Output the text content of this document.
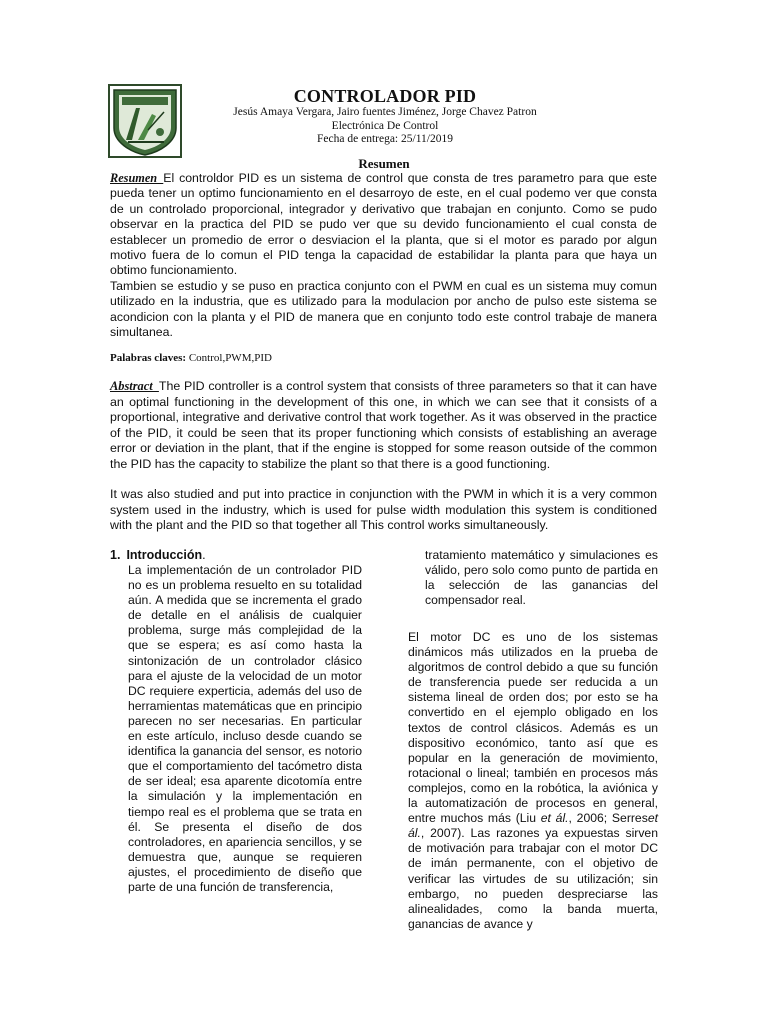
CONTROLADOR PID
Jesús Amaya Vergara, Jairo fuentes Jiménez, Jorge Chavez Patron
Electrónica De Control
Fecha de entrega: 25/11/2019
Resumen

Resumen_El controldor PID es un sistema de control que consta de tres parametro para que este pueda tener un optimo funcionamiento en el desarroyo de este, en el cual podemo ver que consta de un controlado proporcional, integrador y derivativo que trabajan en conjunto. Como se pudo observar en la practica del PID se pudo ver que su devido funcionamiento el cual consta de establecer un promedio de error o desviacion el la planta, que si el motor es parado por algun motivo fuera de lo comun el PID tenga la capacidad de estabilidar la planta para que haya un obtimo funcionamiento.

Tambien se estudio y se puso en practica conjunto con el PWM en cual es un sistema muy comun utilizado en la industria, que es utilizado para la modulacion por ancho de pulso este sistema se acondicion con la planta y el PID de manera que en conjunto todo este control trabaje de manera simultanea.

Palabras claves: Control,PWM,PID

Abstract_The PID controller is a control system that consists of three parameters so that it can have an optimal functioning in the development of this one, in which we can see that it consists of a proportional, integrative and derivative control that work together. As it was observed in the practice of the PID, it could be seen that its proper functioning which consists of establishing an average error or deviation in the plant, that if the engine is stopped for some reason outside of the common the PID has the capacity to stabilize the plant so that there is a good functioning.

It was also studied and put into practice in conjunction with the PWM in which it is a very common system used in the industry, which is used for pulse width modulation this system is conditioned with the plant and the PID so that together all This control works simultaneously.

1. Introducción.

La implementación de un controlador PID no es un problema resuelto en su totalidad aún. A medida que se incrementa el grado de detalle en el análisis de cualquier problema, surge más complejidad de la que se espera; es así como hasta la sintonización de un controlador clásico para el ajuste de la velocidad de un motor DC requiere experticia, además del uso de herramientas matemáticas que en principio parecen no ser necesarias. En particular en este artículo, incluso desde cuando se identifica la ganancia del sensor, es notorio que el comportamiento del tacómetro dista de ser ideal; esa aparente dicotomía entre la simulación y la implementación en tiempo real es el problema que se trata en él. Se presenta el diseño de dos controladores, en apariencia sencillos, y se demuestra que, aunque se requieren ajustes, el procedimiento de diseño que parte de una función de transferencia,

tratamiento matemático y simulaciones es válido, pero solo como punto de partida en la selección de las ganancias del compensador real.

El motor DC es uno de los sistemas dinámicos más utilizados en la prueba de algoritmos de control debido a que su función de transferencia puede ser reducida a un sistema lineal de orden dos; por esto se ha convertido en el ejemplo obligado en los textos de control clásicos. Además es un dispositivo económico, tanto así que es popular en la generación de movimiento, rotacional o lineal; también en procesos más complejos, como en la robótica, la aviónica y la automatización de procesos en general, entre muchos más (Liu et ál., 2006; Serreset ál., 2007). Las razones ya expuestas sirven de motivación para trabajar con el motor DC de imán permanente, con el objetivo de verificar las virtudes de su utilización; sin embargo, no pueden despreciarse las alinealidades, como la banda muerta, ganancias de avance y
